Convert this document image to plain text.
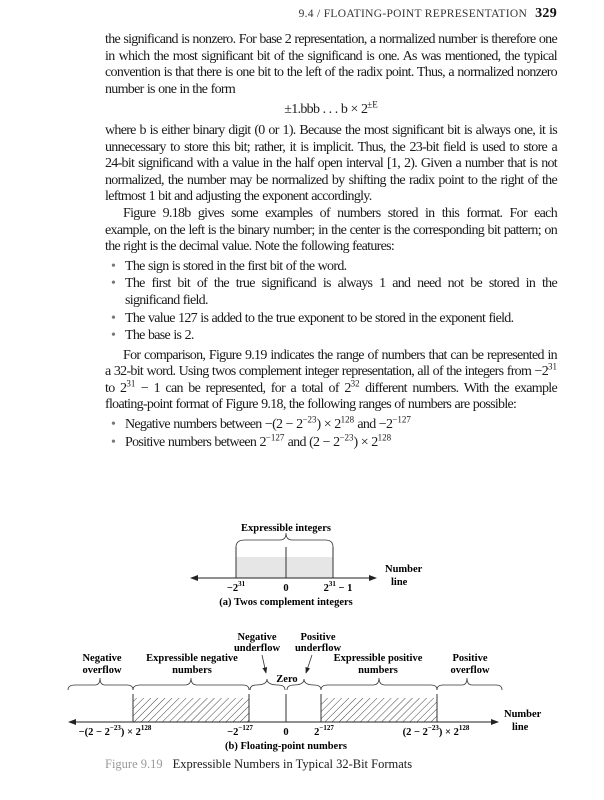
9.4 / FLOATING-POINT REPRESENTATION 329

the significand is nonzero. For base 2 representation, a normalized number is therefore one in which the most significant bit of the significand is one. As was mentioned, the typical convention is that there is one bit to the left of the radix point. Thus, a normalized nonzero number is one in the form

±1.bbb . . . $b \times 2^{\pm E}$

where b is either binary digit (0 or 1). Because the most significant bit is always one, it is unnecessary to store this bit; rather, it is implicit. Thus, the 23-bit field is used to store a 24-bit significand with a value in the half open interval [1, 2). Given a number that is not normalized, the number may be normalized by shifting the radix point to the right of the leftmost 1 bit and adjusting the exponent accordingly.

Figure 9.18b gives some examples of numbers stored in this format. For each example, on the left is the binary number; in the center is the corresponding bit pattern; on the right is the decimal value. Note the following features:

• The sign is stored in the first bit of the word.
• The first bit of the true significand is always 1 and need not be stored in the significand field.
• The value 127 is added to the true exponent to be stored in the exponent field.
• The base is 2.

For comparison, Figure 9.19 indicates the range of numbers that can be represented in a 32-bit word. Using twos complement integer representation, all of the integers from $-2^{31}$ to $2^{31} - 1$ can be represented, for a total of $2^{32}$ different numbers. With the example floating-point format of Figure 9.18, the following ranges of numbers are possible:

• Negative numbers between $-(2 - 2^{-23}) \times 2^{128}$ and $-2^{-127}$
• Positive numbers between $2^{-127}$ and $(2 - 2^{-23}) \times 2^{128}$
Expressible integers
Number
line
$-2^{31}$	0	$2^{31} - 1$
(a) Twos complement integers
Negative
overflow
Expressible negative
numbers
Negative
underflow
Positive
underflow
Zero
Expressible positive
numbers
Positive
overflow
Number
line
$-(2 - 2^{-23}) \times 2^{128}$	$-2^{-127}$	0 $2^{-127}$	$(2 - 2^{-23}) \times 2^{128}$
(b) Floating-point numbers
Figure 9.19 Expressible Numbers in Typical 32-Bit Formats
